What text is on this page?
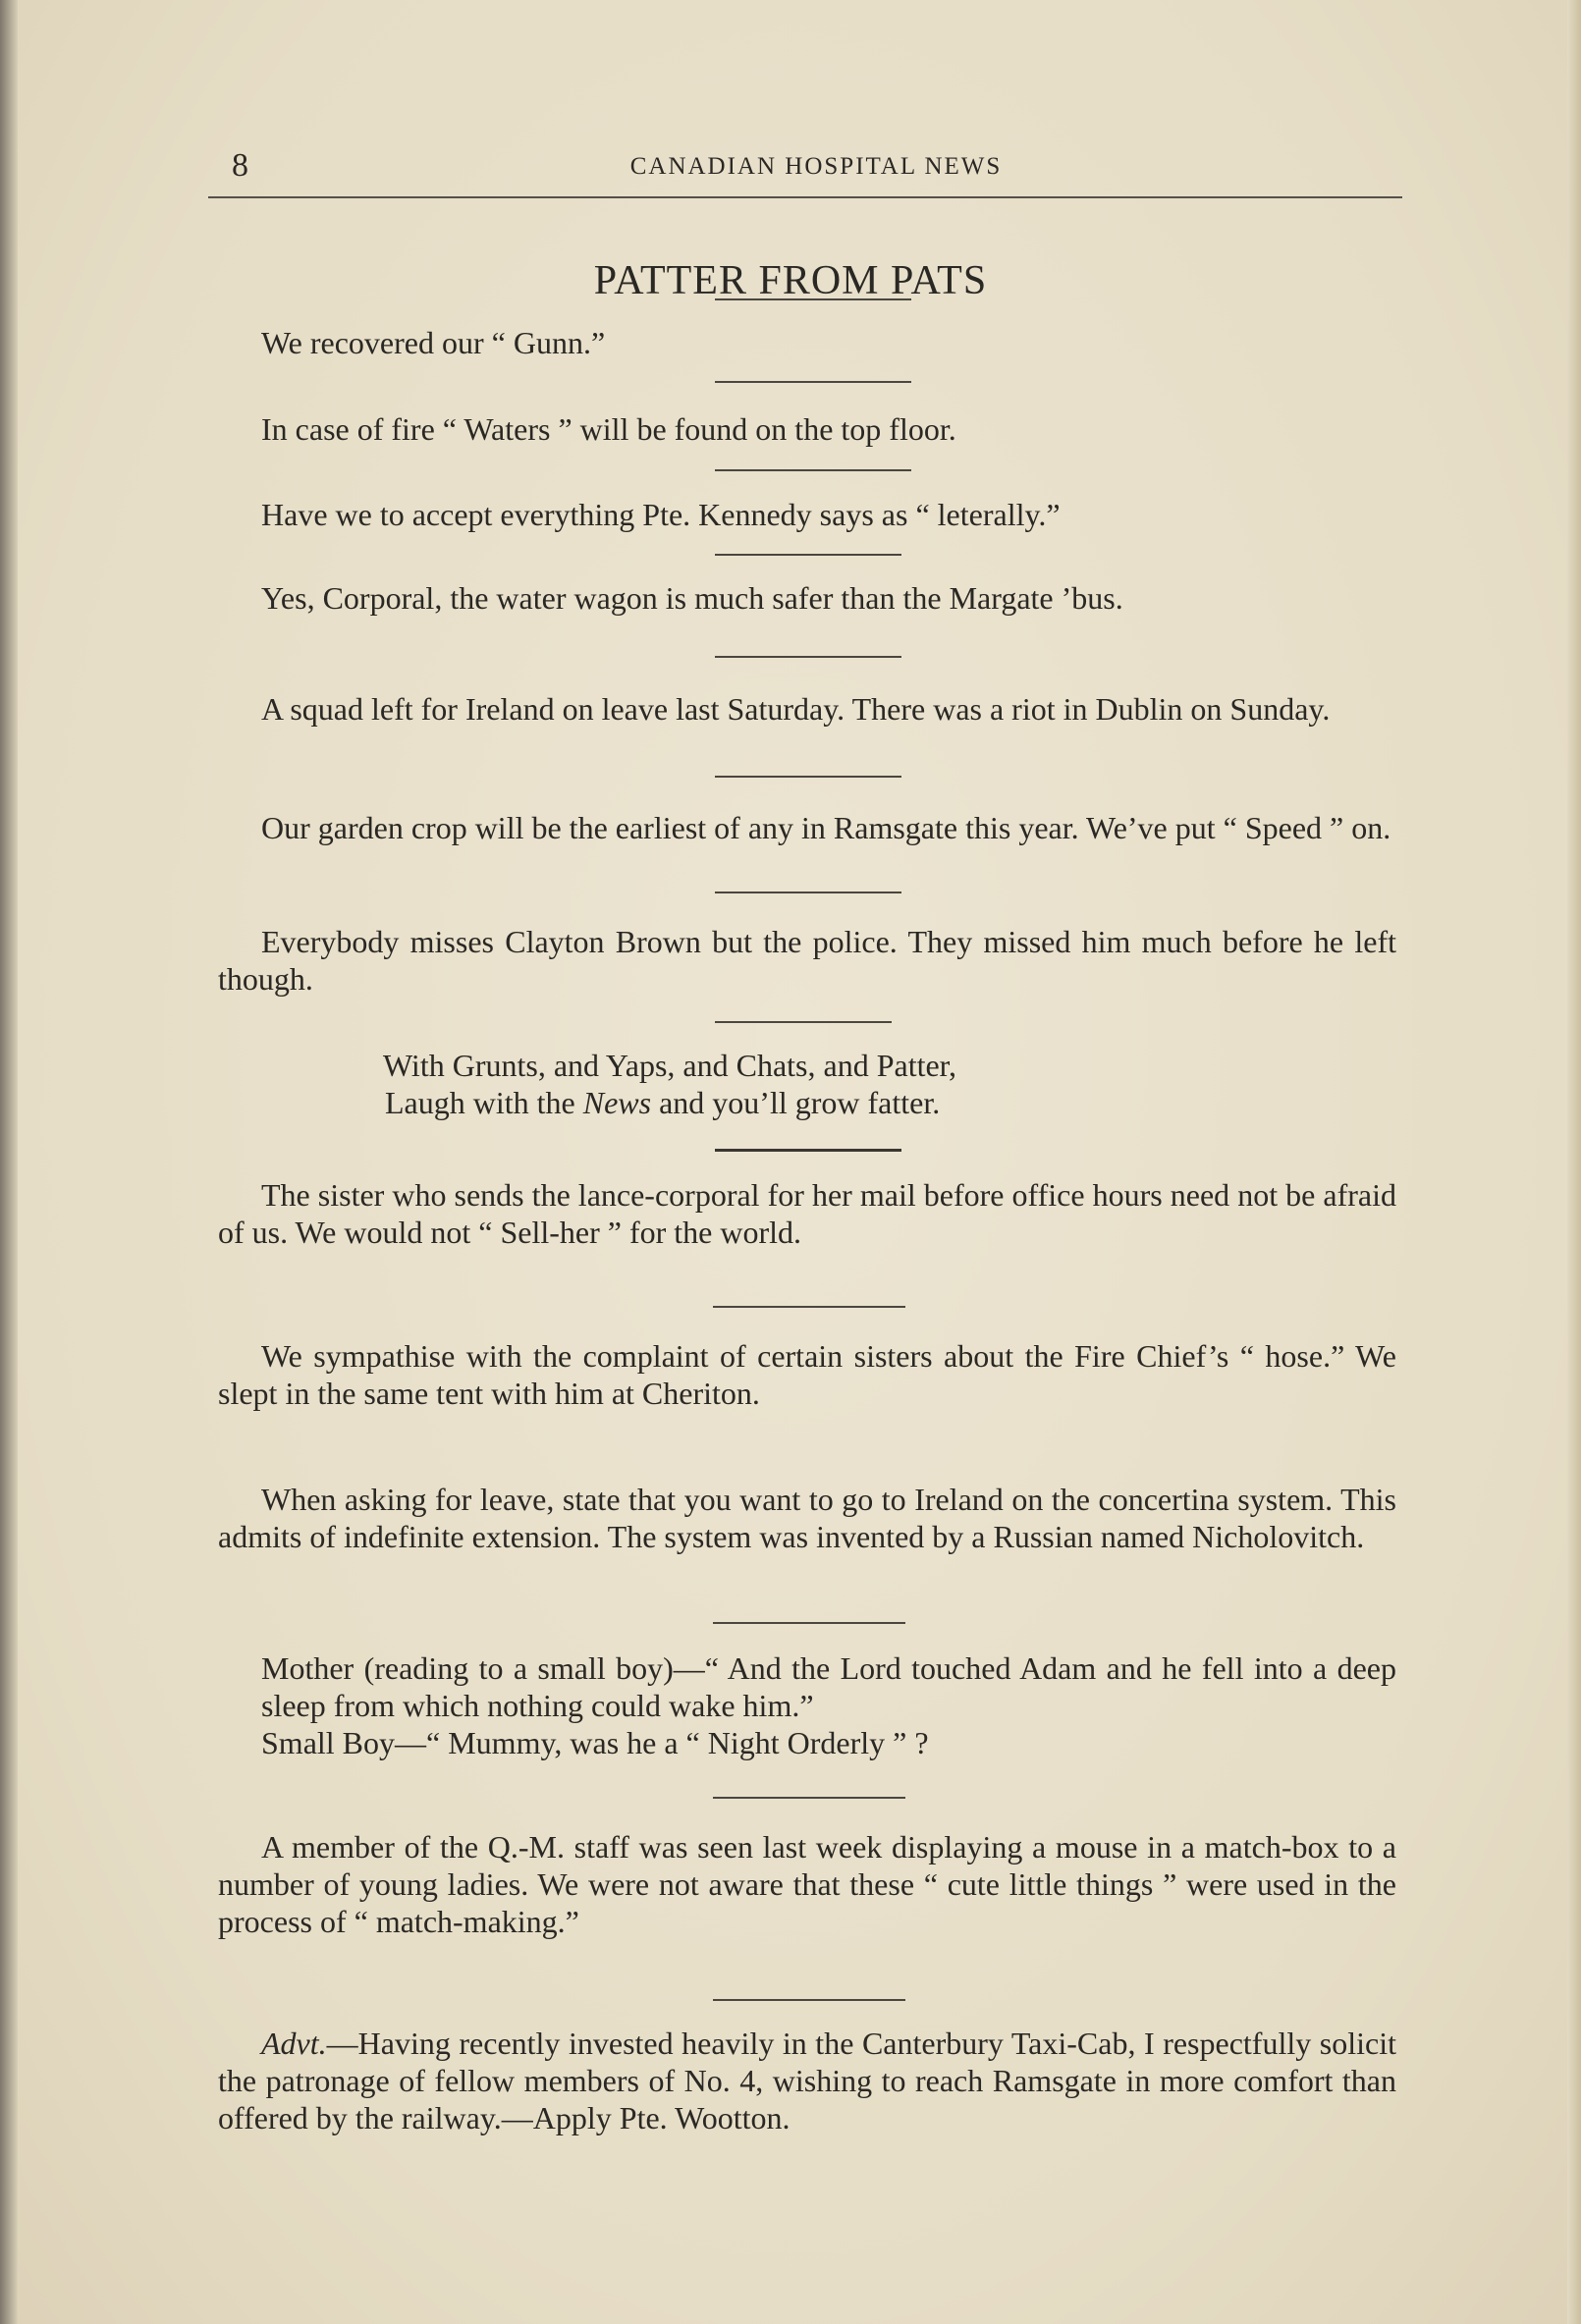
8	CANADIAN HOSPITAL NEWS
PATTER FROM PATS

We recovered our “ Gunn.”

In case of fire “ Waters ” will be found on the top floor.

Have we to accept everything Pte. Kennedy says as “ leterally.”

Yes, Corporal, the water wagon is much safer than the Margate ’bus.

A squad left for Ireland on leave last Saturday. There was a riot in Dublin on Sunday.

Our garden crop will be the earliest of any in Ramsgate this year. We’ve put “ Speed ” on.

Everybody misses Clayton Brown but the police. They missed him much before he left though.

With Grunts, and Yaps, and Chats, and Patter,
Laugh with the News and you’ll grow fatter.

The sister who sends the lance-corporal for her mail before office hours need not be afraid of us. We would not “ Sell-her ” for the world.

We sympathise with the complaint of certain sisters about the Fire Chief’s “ hose.” We slept in the same tent with him at Cheriton.

When asking for leave, state that you want to go to Ireland on the concertina system. This admits of indefinite extension. The system was invented by a Russian named Nicholovitch.

Mother (reading to a small boy)—“ And the Lord touched Adam and he fell into a deep sleep from which nothing could wake him.”
Small Boy—“ Mummy, was he a “ Night Orderly ” ?

A member of the Q.-M. staff was seen last week displaying a mouse in a match-box to a number of young ladies. We were not aware that these “ cute little things ” were used in the process of “ match-making.”

Advt.—Having recently invested heavily in the Canterbury Taxi-Cab, I respectfully solicit the patronage of fellow members of No. 4, wishing to reach Ramsgate in more comfort than offered by the railway.—Apply Pte. Wootton.
